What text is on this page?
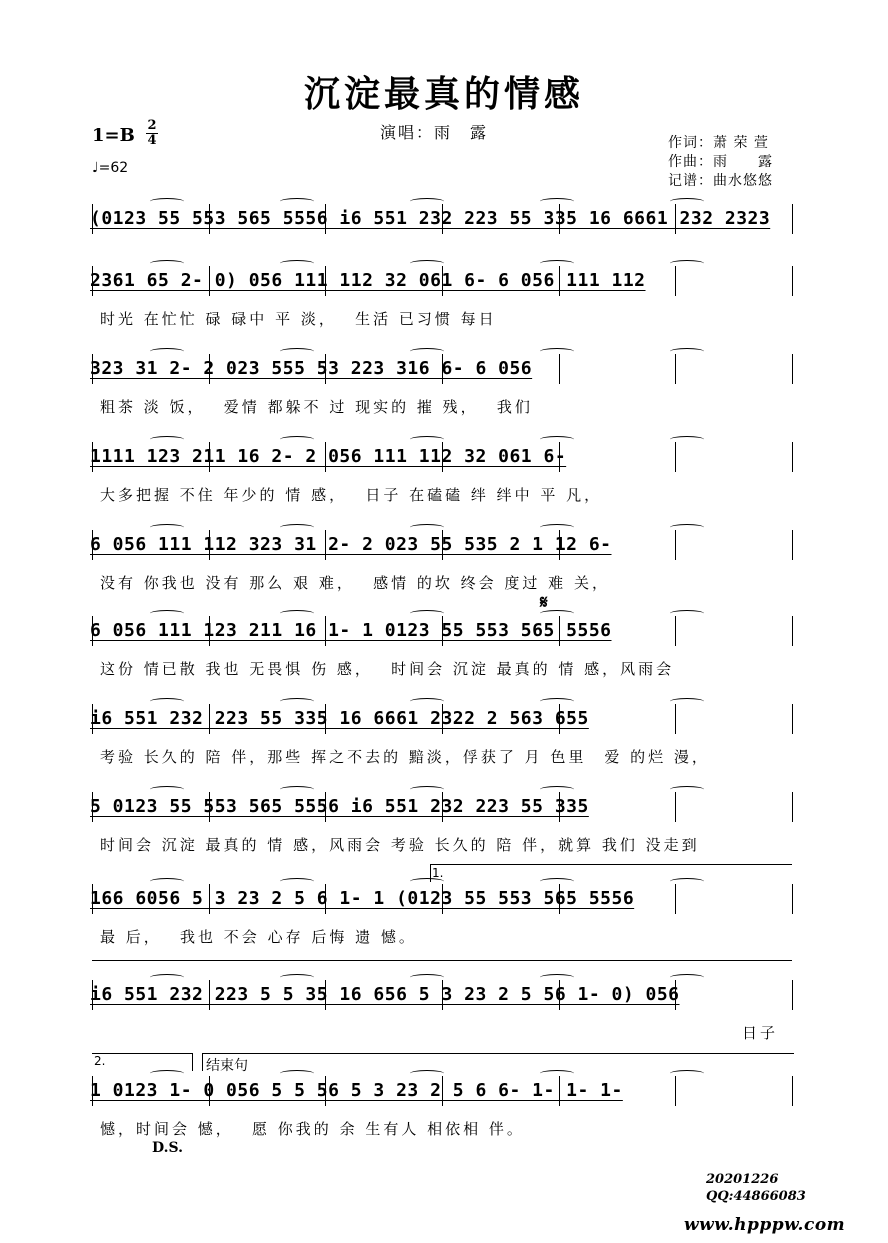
沉淀最真的情感
演唱：雨　露
1=B 2
4
♩=62
作词：萧 荣 萱
作曲：雨　　露
记谱：曲水悠悠
(0123 55 553 565 5556 i6 551 232 223 55 335 16 6661 232 2323
2361 65 2- 0) 056 111 112 32 061 6- 6 056 111 112
时光 在忙忙 碌 碌中 平 淡，　 生活 已习惯 每日
323 31 2- 2 023 555 53 223 316 6- 6 056
粗茶 淡 饭，　 爱情 都躲不 过 现实的 摧 残，　 我们
1111 123 211 16 2- 2 056 111 112 32 061 6-
大多把握 不住 年少的 情 感，　 日子 在磕磕 绊 绊中 平 凡，
6 056 111 112 323 31 2- 2 023 55 535 2 1 12 6-
没有 你我也 没有 那么 艰 难，　 感情 的坎 终会 度过 难 关，
6 056 111 123 211 16 1- 1 0123 55 553 565 5556
这份 情已散 我也 无畏惧 伤 感，　 时间会 沉淀 最真的 情 感，风雨会
i6 551 232 223 55 335 16 6661 2322 2 563 655
考验 长久的 陪 伴，那些 挥之不去的 黯淡，俘获了 月 色里　爱 的烂 漫，
5 0123 55 553 565 5556 i6 551 232 223 55 335
时间会 沉淀 最真的 情 感，风雨会 考验 长久的 陪 伴，就算 我们 没走到
166 6056 5 3 23 2 5 6 1- 1 (0123 55 553 565 5556
最 后，　 我也 不会 心存 后悔 遗 憾。
i6 551 232 223 5 5 35 16 656 5 3 23 2 5 56 1- 0) 056
日子
1 0123 1- 0 056 5 5 56 5 3 23 2 5 6 6- 1- 1- 1-
憾，时间会 憾，　 愿 你我的 余 生有人 相依相 伴。
𝄋
D.S.
1.
2.	结束句
20201226
QQ:44866083
www.hpppw.com
